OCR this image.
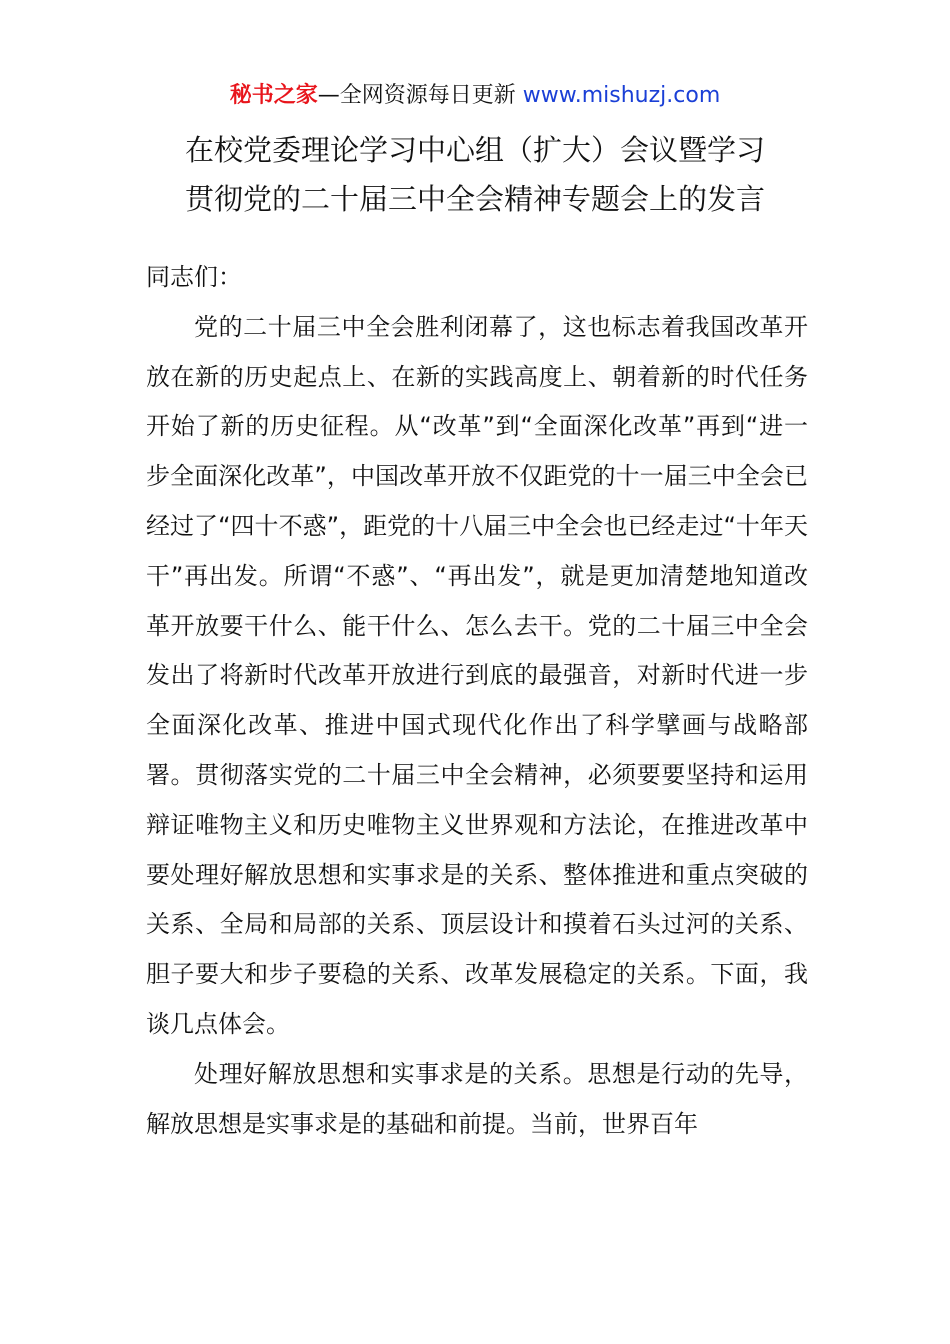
秘书之家—全网资源每日更新 www.mishuzj.com
在校党委理论学习中心组（扩大）会议暨学习
贯彻党的二十届三中全会精神专题会上的发言

同志们：

党的二十届三中全会胜利闭幕了，这也标志着我国改革开放在新的历史起点上、在新的实践高度上、朝着新的时代任务开始了新的历史征程。从“改革”到“全面深化改革”再到“进一步全面深化改革”，中国改革开放不仅距党的十一届三中全会已经过了“四十不惑”，距党的十八届三中全会也已经走过“十年天干”再出发。所谓“不惑”、“再出发”，就是更加清楚地知道改革开放要干什么、能干什么、怎么去干。党的二十届三中全会发出了将新时代改革开放进行到底的最强音，对新时代进一步全面深化改革、推进中国式现代化作出了科学擘画与战略部署。贯彻落实党的二十届三中全会精神，必须要要坚持和运用辩证唯物主义和历史唯物主义世界观和方法论，在推进改革中要处理好解放思想和实事求是的关系、整体推进和重点突破的关系、全局和局部的关系、顶层设计和摸着石头过河的关系、胆子要大和步子要稳的关系、改革发展稳定的关系。下面，我谈几点体会。

处理好解放思想和实事求是的关系。思想是行动的先导，解放思想是实事求是的基础和前提。当前，世界百年
